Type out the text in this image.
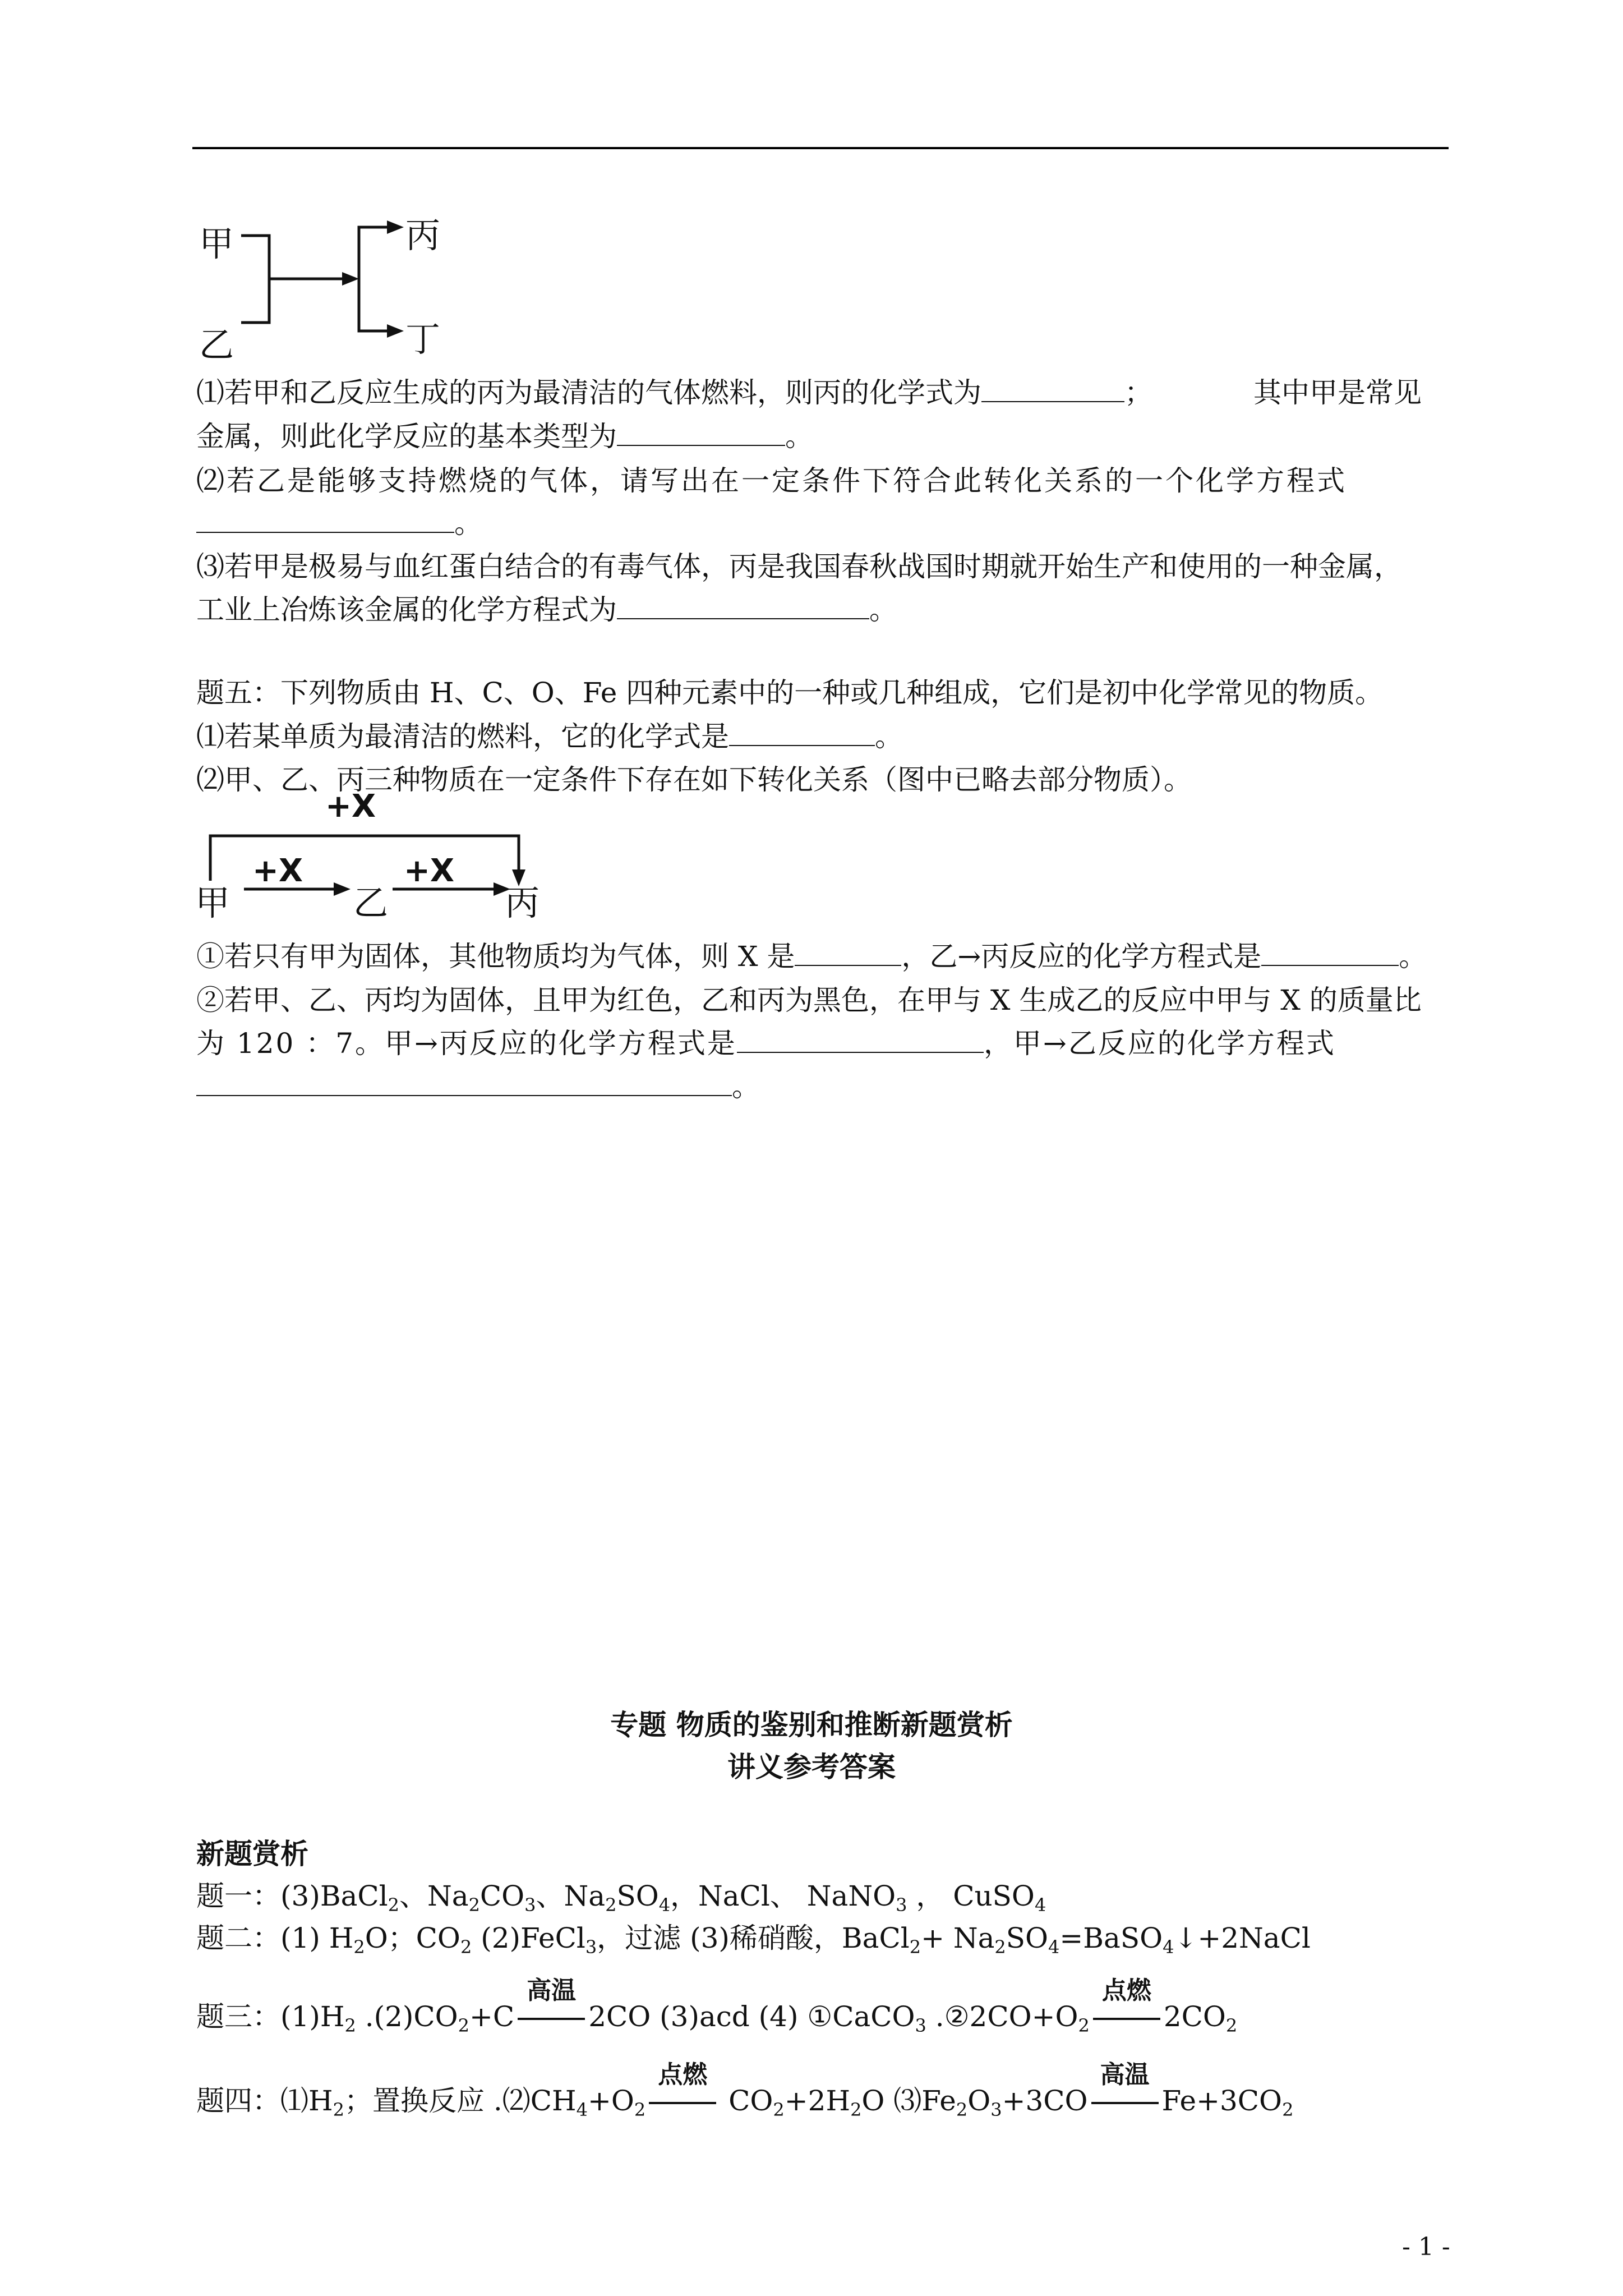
甲
乙
丙
丁
⑴若甲和乙反应生成的丙为最清洁的气体燃料，则丙的化学式为	；	其中甲是常见
金属，则此化学反应的基本类型为	。
⑵若乙是能够支持燃烧的气体，请写出在一定条件下符合此转化关系的一个化学方程式
。
⑶若甲是极易与血红蛋白结合的有毒气体，丙是我国春秋战国时期就开始生产和使用的一种金属，
工业上冶炼该金属的化学方程式为	。
题五：下列物质由 H、C、O、Fe 四种元素中的一种或几种组成，它们是初中化学常见的物质。
⑴若某单质为最清洁的燃料，它的化学式是	。
⑵甲、乙、丙三种物质在一定条件下存在如下转化关系（图中已略去部分物质）。
+X
+X	+X
甲	乙	丙
①若只有甲为固体，其他物质均为气体，则 X 是	，乙→丙反应的化学方程式是	。
②若甲、乙、丙均为固体，且甲为红色，乙和丙为黑色，在甲与 X 生成乙的反应中甲与 X 的质量比
为 120 ：7。甲→丙反应的化学方程式是	，甲→乙反应的化学方程式
。
专题 物质的鉴别和推断新题赏析
讲义参考答案
新题赏析
题一：(3)BaCl$_2$、$Na_2CO_3$、$Na_2SO_4$，NaCl、 NaNO$_3$ ， CuSO$_4$
题二：(1) $H_2O$；$CO_2$ (2)FeCl$_3$，过滤 (3)稀硝酸，BaCl$_2$+ $Na_2SO_4=BaSO_4↓+2NaCl$
题三：$(1)H_2$ $.(2)CO_2+C$
高温
2CO (3)acd (4) ①CaCO$_3$ $.②2CO+O_2$
点燃
$2CO_2$
题四：$⑴H_2$；置换反应 $.⑵CH_4+O_2$
点燃
$CO_2+2H_2O$ $⑶Fe_2O_3+3CO$
高温
$Fe+3CO_2$
- 1 -
